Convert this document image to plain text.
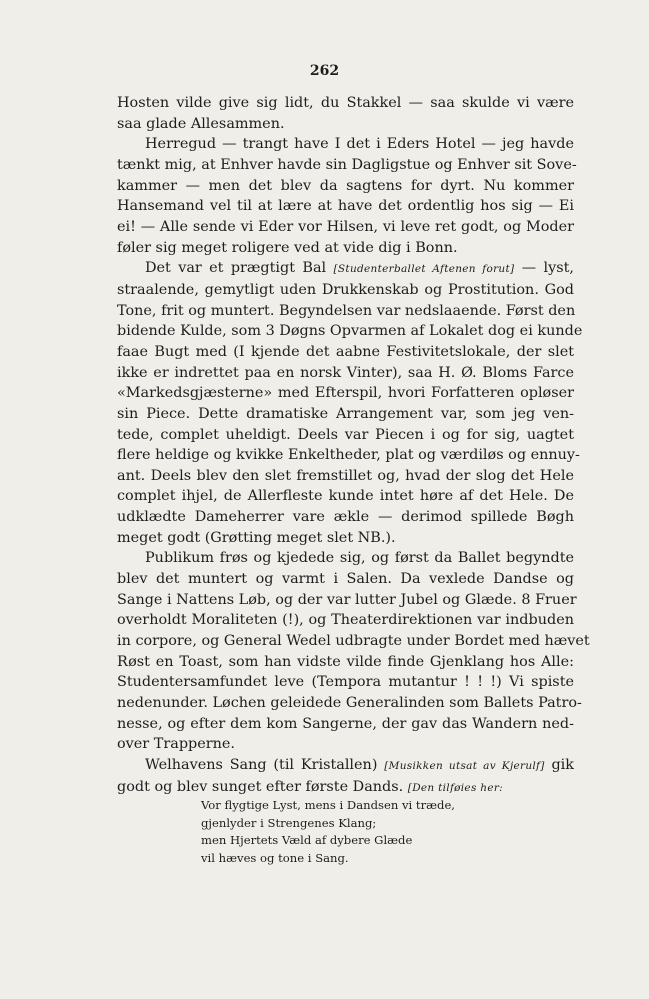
262
Hosten vilde give sig lidt, du Stakkel — saa skulde vi være
saa glade Allesammen.
Herregud — trangt have I det i Eders Hotel — jeg havde
tænkt mig, at Enhver havde sin Dagligstue og Enhver sit Sove-
kammer — men det blev da sagtens for dyrt. Nu kommer
Hansemand vel til at lære at have det ordentlig hos sig — Ei
ei! — Alle sende vi Eder vor Hilsen, vi leve ret godt, og Moder
føler sig meget roligere ved at vide dig i Bonn.
Det var et prægtigt Bal [Studenterballet Aftenen forut] — lyst,
straalende, gemytligt uden Drukkenskab og Prostitution. God
Tone, frit og muntert. Begyndelsen var nedslaaende. Først den
bidende Kulde, som 3 Døgns Opvarmen af Lokalet dog ei kunde
faae Bugt med (I kjende det aabne Festivitetslokale, der slet
ikke er indrettet paa en norsk Vinter), saa H. Ø. Bloms Farce
«Markedsgjæsterne» med Efterspil, hvori Forfatteren opløser
sin Piece. Dette dramatiske Arrangement var, som jeg ven-
tede, complet uheldigt. Deels var Piecen i og for sig, uagtet
flere heldige og kvikke Enkeltheder, plat og værdiløs og ennuy-
ant. Deels blev den slet fremstillet og, hvad der slog det Hele
complet ihjel, de Allerfleste kunde intet høre af det Hele. De
udklædte Dameherrer vare ækle — derimod spillede Bøgh
meget godt (Grøtting meget slet NB.).
Publikum frøs og kjedede sig, og først da Ballet begyndte
blev det muntert og varmt i Salen. Da vexlede Dandse og
Sange i Nattens Løb, og der var lutter Jubel og Glæde. 8 Fruer
overholdt Moraliteten (!), og Theaterdirektionen var indbuden
in corpore, og General Wedel udbragte under Bordet med hævet
Røst en Toast, som han vidste vilde finde Gjenklang hos Alle:
Studentersamfundet leve (Tempora mutantur ! ! !) Vi spiste
nedenunder. Løchen geleidede Generalinden som Ballets Patro-
nesse, og efter dem kom Sangerne, der gav das Wandern ned-
over Trapperne.
Welhavens Sang (til Kristallen) [Musikken utsat av Kjerulf] gik
godt og blev sunget efter første Dands. [Den tilføies her:
Vor flygtige Lyst, mens i Dandsen vi træde,
gjenlyder i Strengenes Klang;
men Hjertets Væld af dybere Glæde
vil hæves og tone i Sang.
